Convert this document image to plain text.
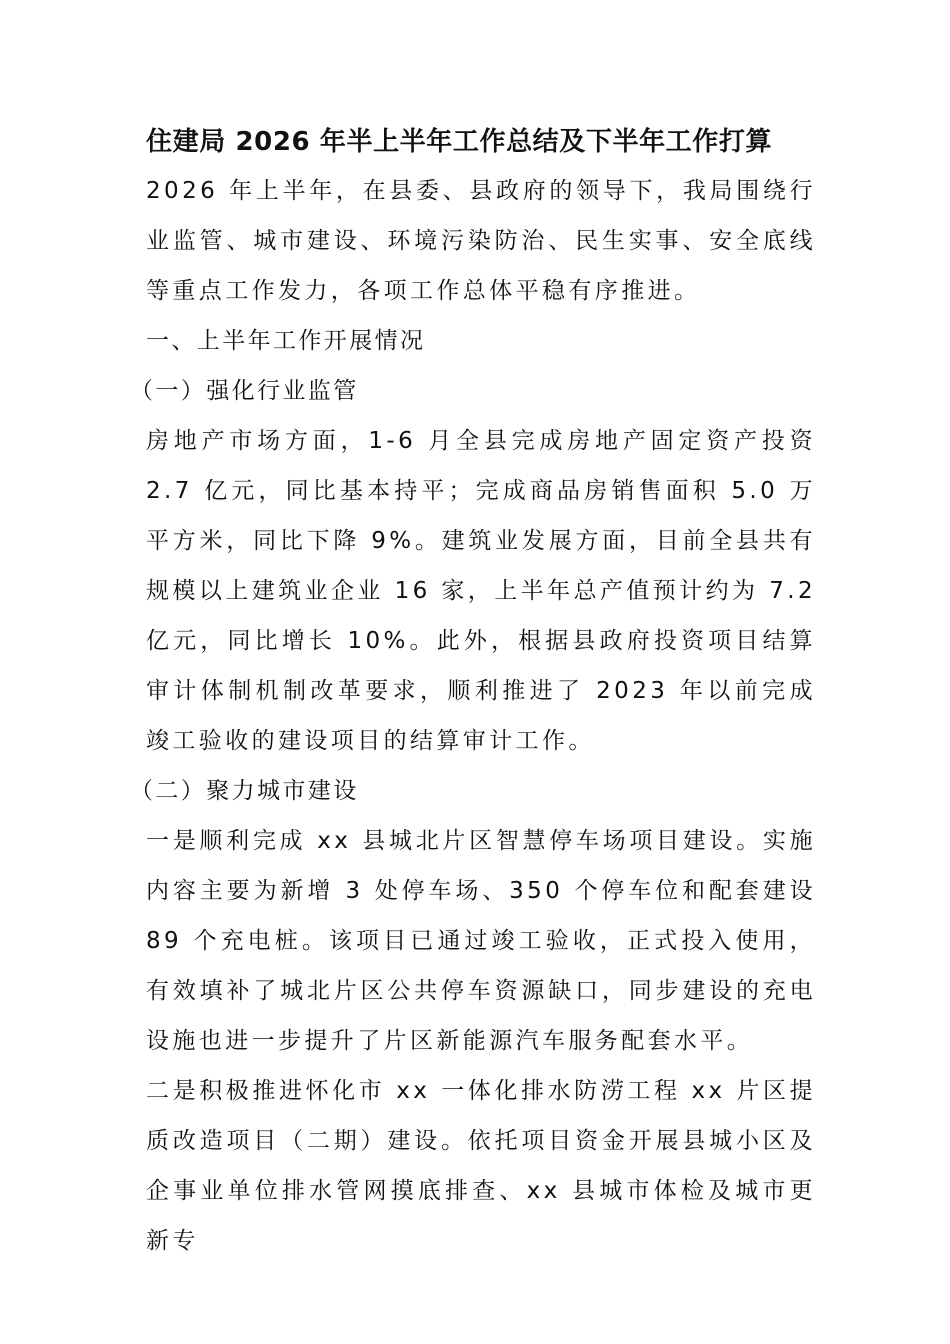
住建局 2026 年半上半年工作总结及下半年工作打算

2026 年上半年，在县委、县政府的领导下，我局围绕行业监管、城市建设、环境污染防治、民生实事、安全底线等重点工作发力，各项工作总体平稳有序推进。

一、上半年工作开展情况

（一）强化行业监管

房地产市场方面，1-6 月全县完成房地产固定资产投资 2.7 亿元，同比基本持平；完成商品房销售面积 5.0 万平方米，同比下降 9%。建筑业发展方面，目前全县共有规模以上建筑业企业 16 家，上半年总产值预计约为 7.2 亿元，同比增长 10%。此外，根据县政府投资项目结算审计体制机制改革要求，顺利推进了 2023 年以前完成竣工验收的建设项目的结算审计工作。

（二）聚力城市建设

一是顺利完成 xx 县城北片区智慧停车场项目建设。实施内容主要为新增 3 处停车场、350 个停车位和配套建设 89 个充电桩。该项目已通过竣工验收，正式投入使用，有效填补了城北片区公共停车资源缺口，同步建设的充电设施也进一步提升了片区新能源汽车服务配套水平。

二是积极推进怀化市 xx 一体化排水防涝工程 xx 片区提质改造项目（二期）建设。依托项目资金开展县城小区及企事业单位排水管网摸底排查、xx 县城市体检及城市更新专
